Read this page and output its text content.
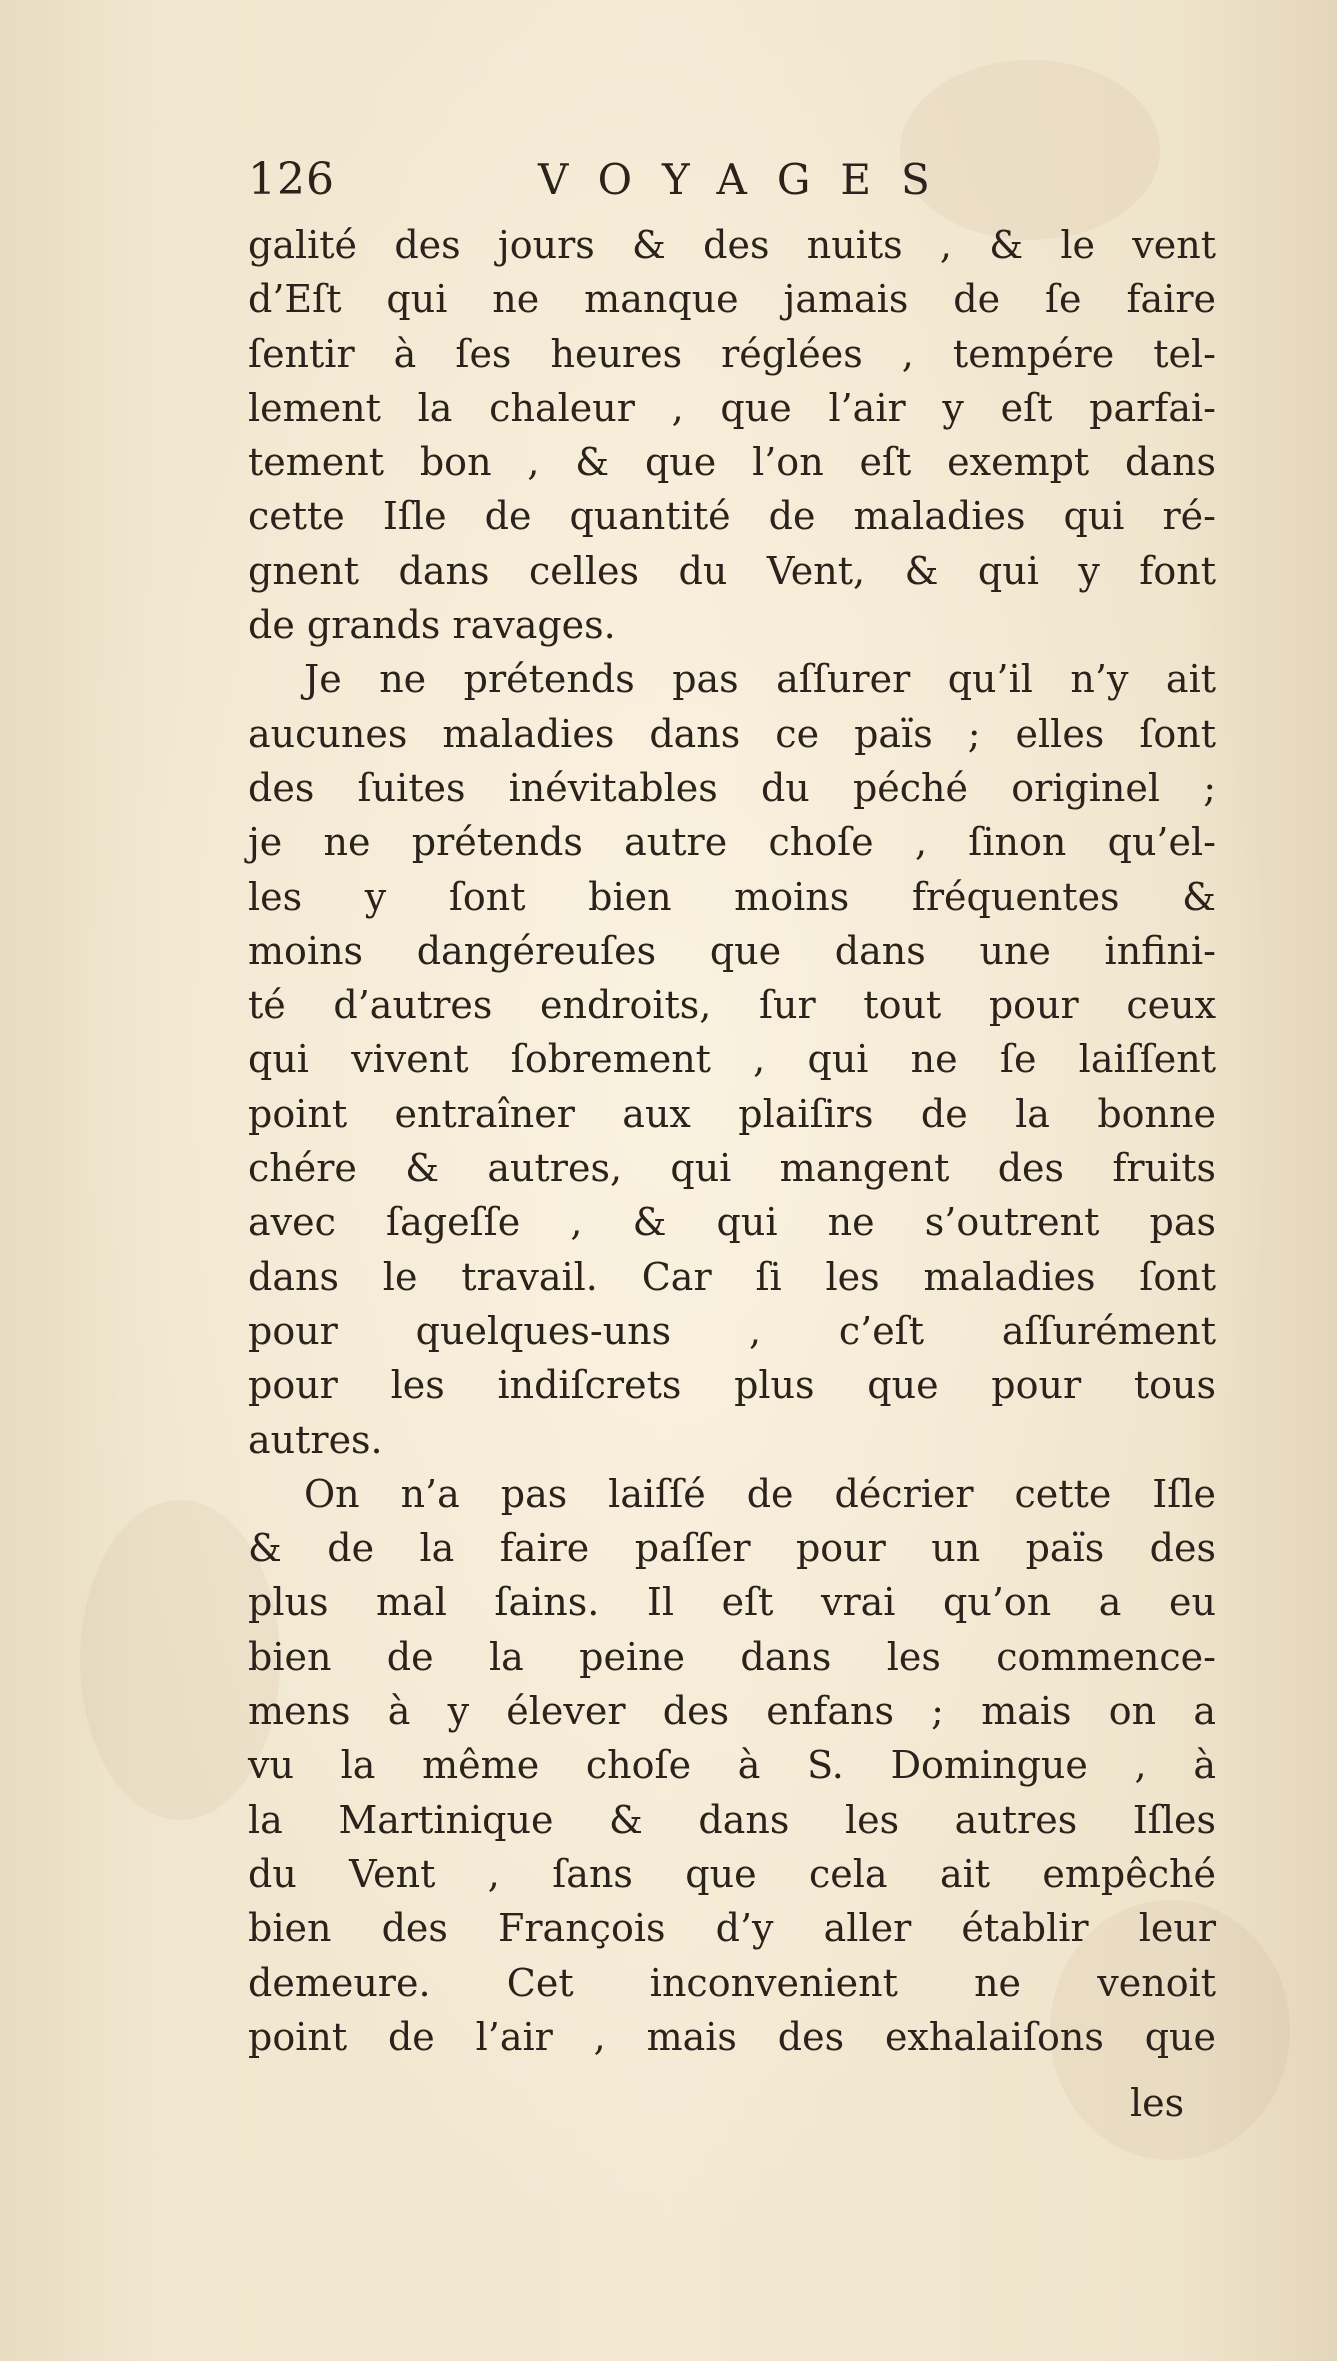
126	VOYAGES
galité des jours & des nuits , & le vent
d’Eſt qui ne manque jamais de ſe faire
ſentir à ſes heures réglées , tempére tel-
lement la chaleur , que l’air y eſt parfai-
tement bon , & que l’on eſt exempt dans
cette Iſle de quantité de maladies qui ré-
gnent dans celles du Vent, & qui y font
de grands ravages.
Je ne prétends pas aſſurer qu’il n’y ait
aucunes maladies dans ce païs ; elles ſont
des ſuites inévitables du péché originel ;
je ne prétends autre choſe , ſinon qu’el-
les y ſont bien moins fréquentes &
moins dangéreuſes que dans une infini-
té d’autres endroits, ſur tout pour ceux
qui vivent ſobrement , qui ne ſe laiſſent
point entraîner aux plaiſirs de la bonne
chére & autres, qui mangent des fruits
avec ſageſſe , & qui ne s’outrent pas
dans le travail. Car ſi les maladies ſont
pour quelques-uns , c’eſt aſſurément
pour les indiſcrets plus que pour tous
autres.
On n’a pas laiſſé de décrier cette Iſle
& de la faire paſſer pour un païs des
plus mal ſains. Il eſt vrai qu’on a eu
bien de la peine dans les commence-
mens à y élever des enfans ; mais on a
vu la même choſe à S. Domingue , à
la Martinique & dans les autres Iſles
du Vent , ſans que cela ait empêché
bien des François d’y aller établir leur
demeure. Cet inconvenient ne venoit
point de l’air , mais des exhalaiſons que
les
